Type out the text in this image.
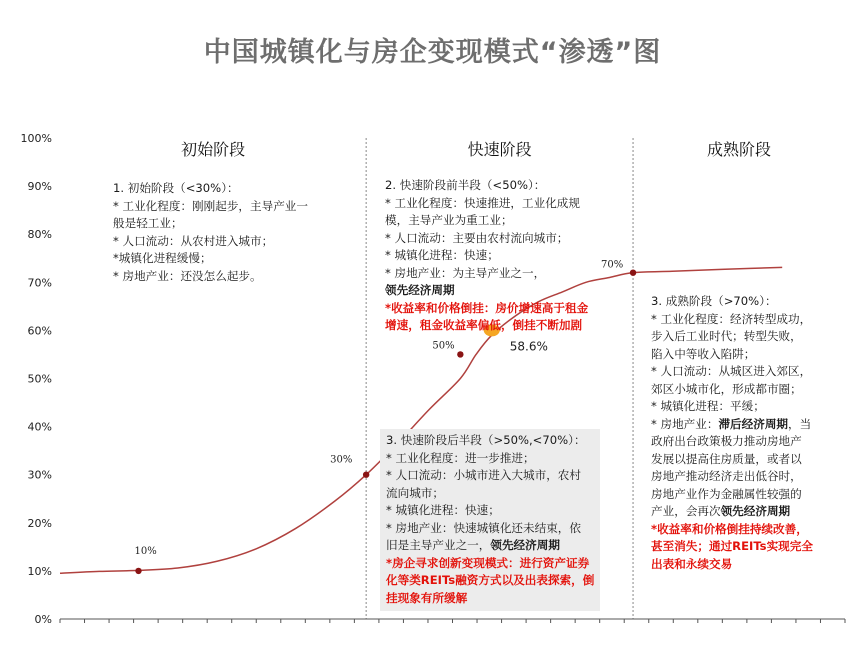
中国城镇化与房企变现模式“渗透”图
0%
10%
20%
30%
40%
50%
60%
70%
80%
90%
100%
初始阶段	快速阶段	成熟阶段
10%
30%
50%
70%
58.6%
1. 初始阶段（<30%）：
* 工业化程度：刚刚起步，主导产业一
般是轻工业；
* 人口流动：从农村进入城市；
*城镇化进程缓慢；
* 房地产业：还没怎么起步。
2. 快速阶段前半段（<50%）：
* 工业化程度：快速推进，工业化成规
模，主导产业为重工业；
* 人口流动：主要由农村流向城市；
* 城镇化进程：快速；
* 房地产业：为主导产业之一，
领先经济周期
*收益率和价格倒挂：房价增速高于租金
增速，租金收益率偏低，倒挂不断加剧
3. 快速阶段后半段（>50%,<70%）：
* 工业化程度：进一步推进；
* 人口流动：小城市进入大城市，农村
流向城市；
* 城镇化进程：快速；
* 房地产业：快速城镇化还未结束，依
旧是主导产业之一，领先经济周期
*房企寻求创新变现模式：进行资产证券
化等类REITs融资方式以及出表探索，倒
挂现象有所缓解
3. 成熟阶段（>70%）：
* 工业化程度：经济转型成功，
步入后工业时代；转型失败，
陷入中等收入陷阱；
* 人口流动：从城区进入郊区，
郊区小城市化，形成都市圈；
* 城镇化进程：平缓；
* 房地产业：滞后经济周期，当
政府出台政策极力推动房地产
发展以提高住房质量，或者以
房地产推动经济走出低谷时，
房地产业作为金融属性较强的
产业，会再次领先经济周期
*收益率和价格倒挂持续改善，
甚至消失；通过REITs实现完全
出表和永续交易
